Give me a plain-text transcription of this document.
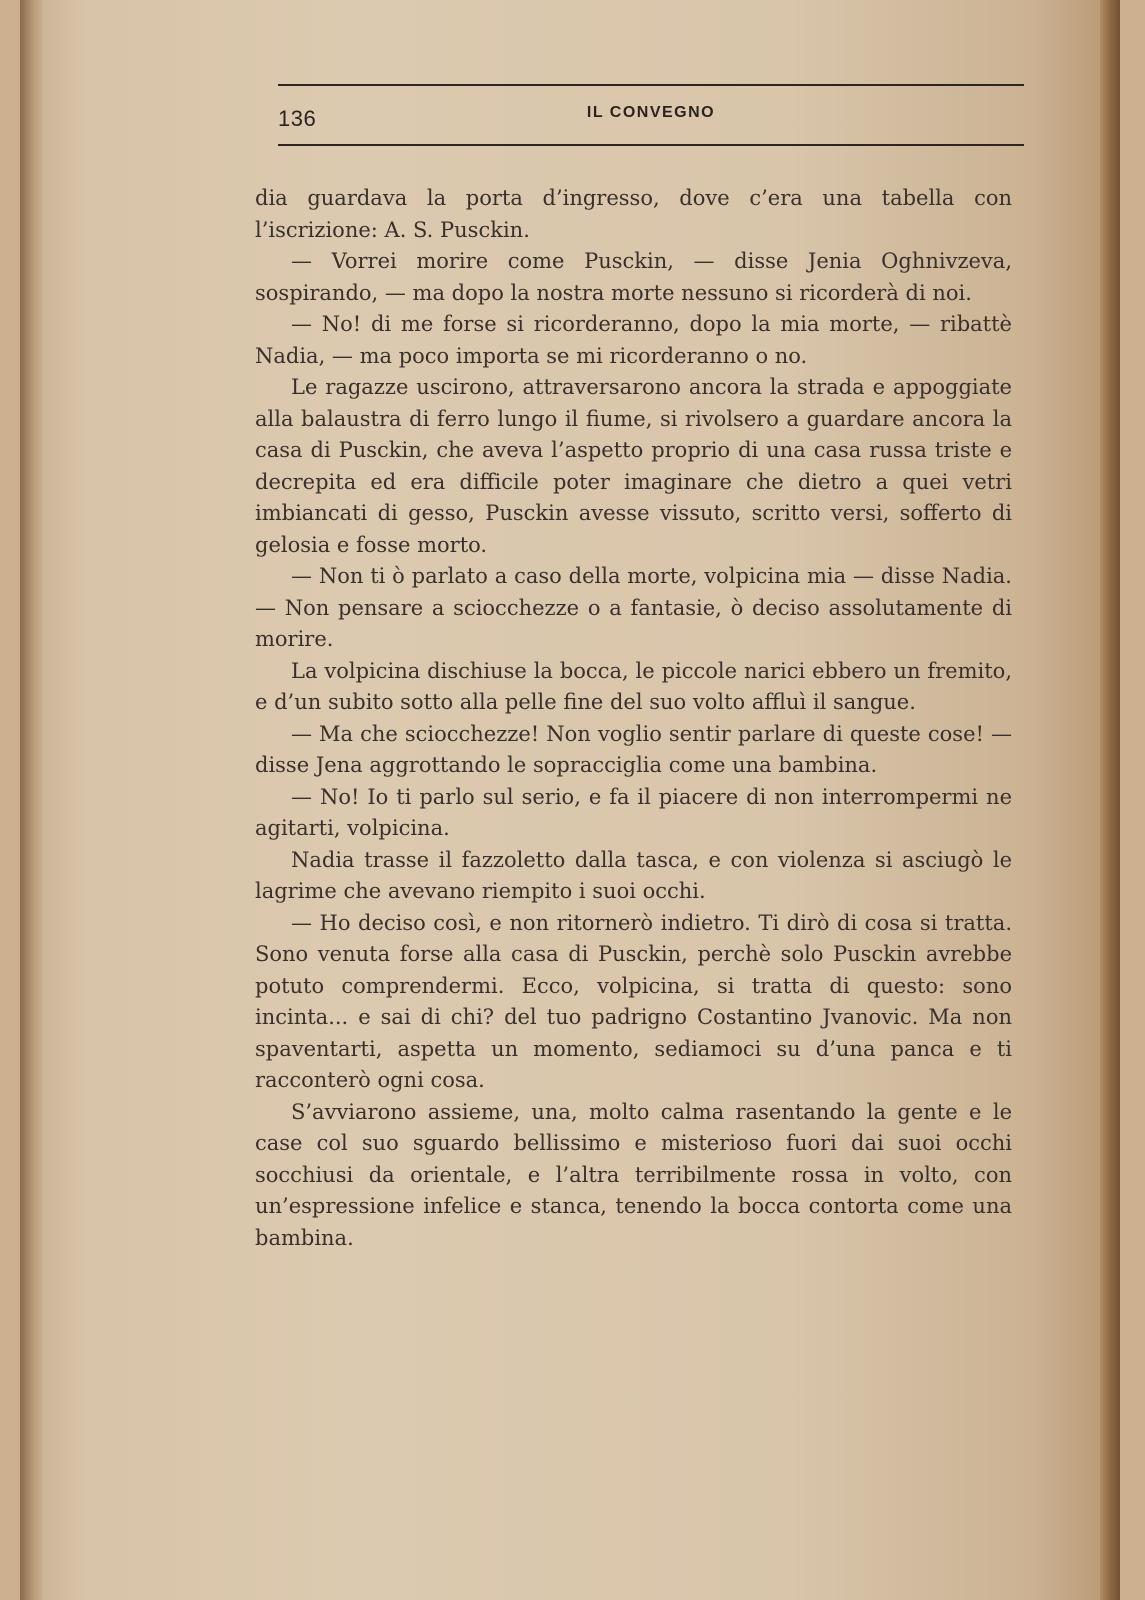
136	IL CONVEGNO

dia guardava la porta d’ingresso, dove c’era una tabella con l’iscrizione: A. S. Pusckin.

— Vorrei morire come Pusckin, — disse Jenia Oghnivzeva, sospirando, — ma dopo la nostra morte nessuno si ricorderà di noi.

— No! di me forse si ricorderanno, dopo la mia morte, — ribattè Nadia, — ma poco importa se mi ricorderanno o no.

Le ragazze uscirono, attraversarono ancora la strada e appoggiate alla balaustra di ferro lungo il fiume, si rivolsero a guardare ancora la casa di Pusckin, che aveva l’aspetto proprio di una casa russa triste e decrepita ed era difficile poter imaginare che dietro a quei vetri imbiancati di gesso, Pusckin avesse vissuto, scritto versi, sofferto di gelosia e fosse morto.

— Non ti ò parlato a caso della morte, volpicina mia — disse Nadia. — Non pensare a sciocchezze o a fantasie, ò deciso assolutamente di morire.

La volpicina dischiuse la bocca, le piccole narici ebbero un fremito, e d’un subito sotto alla pelle fine del suo volto affluì il sangue.

— Ma che sciocchezze! Non voglio sentir parlare di queste cose! — disse Jena aggrottando le sopracciglia come una bambina.

— No! Io ti parlo sul serio, e fa il piacere di non interrompermi ne agitarti, volpicina.

Nadia trasse il fazzoletto dalla tasca, e con violenza si asciugò le lagrime che avevano riempito i suoi occhi.

— Ho deciso così, e non ritornerò indietro. Ti dirò di cosa si tratta. Sono venuta forse alla casa di Pusckin, perchè solo Pusckin avrebbe potuto comprendermi. Ecco, volpicina, si tratta di questo: sono incinta... e sai di chi? del tuo padrigno Costantino Jvanovic. Ma non spaventarti, aspetta un momento, sediamoci su d’una panca e ti racconterò ogni cosa.

S’avviarono assieme, una, molto calma rasentando la gente e le case col suo sguardo bellissimo e misterioso fuori dai suoi occhi socchiusi da orientale, e l’altra terribilmente rossa in volto, con un’espressione infelice e stanca, tenendo la bocca contorta come una bambina.
